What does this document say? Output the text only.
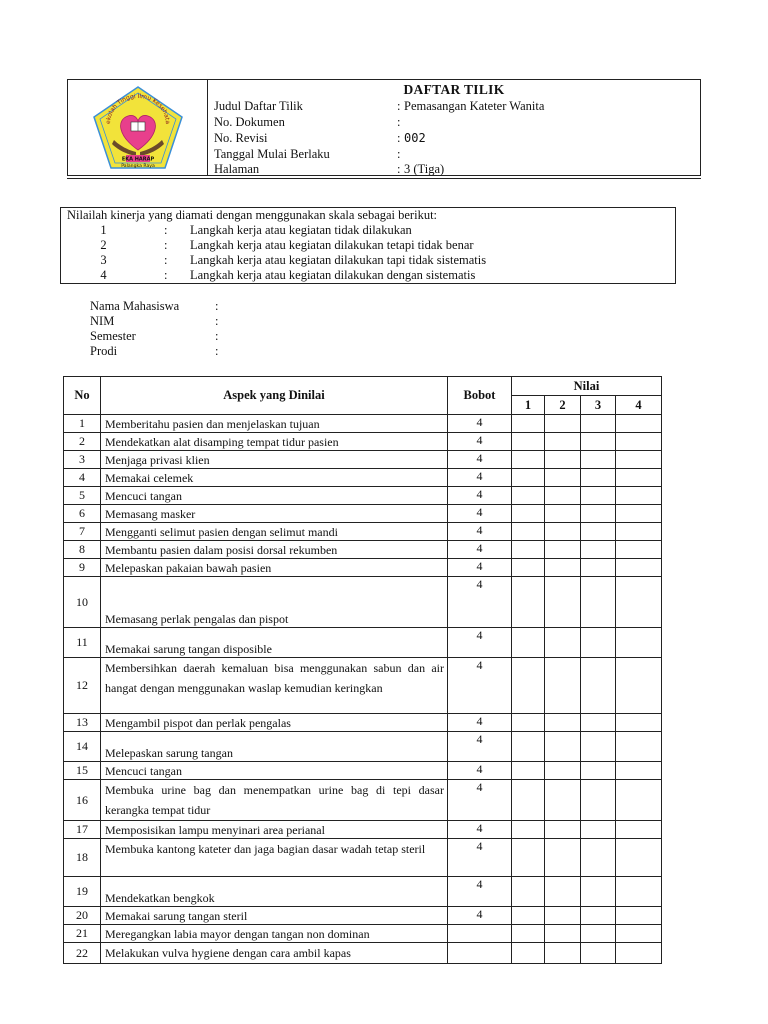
ekolah Tinggi Ilmu Kesehata
EKA HARAP
Palangka Raya
DAFTAR TILIK
Judul Daftar Tilik	: Pemasangan Kateter Wanita
No. Dokumen	:
No. Revisi	: 002
Tanggal Mulai Berlaku	:
Halaman	: 3 (Tiga)
Nilailah kinerja yang diamati dengan menggunakan skala sebagai berikut:
1	: Langkah kerja atau kegiatan tidak dilakukan
2	: Langkah kerja atau kegiatan dilakukan tetapi tidak benar
3	: Langkah kerja atau kegiatan dilakukan tapi tidak sistematis
4	: Langkah kerja atau kegiatan dilakukan dengan sistematis
Nama Mahasiswa	:
NIM	:
Semester	:
Prodi	:
No	Aspek yang Dinilai	Bobot	Nilai			
			1	2	3	4
1	Memberitahu pasien dan menjelaskan tujuan	4				
2	Mendekatkan alat disamping tempat tidur pasien	4				
3	Menjaga privasi klien	4				
4	Memakai celemek	4				
5	Mencuci tangan	4				
6	Memasang masker	4				
7	Mengganti selimut pasien dengan selimut mandi	4				
8	Membantu pasien dalam posisi dorsal rekumben	4				
9	Melepaskan pakaian bawah pasien	4				
10	Memasang perlak pengalas dan pispot	4				
11	Memakai sarung tangan disposible	4				
12	Membersihkan daerah kemaluan bisa menggunakan sabun dan air hangat dengan menggunakan waslap kemudian keringkan	4				
13	Mengambil pispot dan perlak pengalas	4				
14	Melepaskan sarung tangan	4				
15	Mencuci tangan	4				
16	Membuka urine bag dan menempatkan urine bag di tepi dasar kerangka tempat tidur	4				
17	Memposisikan lampu menyinari area perianal	4				
18	Membuka kantong kateter dan jaga bagian dasar wadah tetap steril	4				
19	Mendekatkan bengkok	4				
20	Memakai sarung tangan steril	4				
21	Meregangkan labia mayor dengan tangan non dominan					
22	Melakukan vulva hygiene dengan cara ambil kapas					
